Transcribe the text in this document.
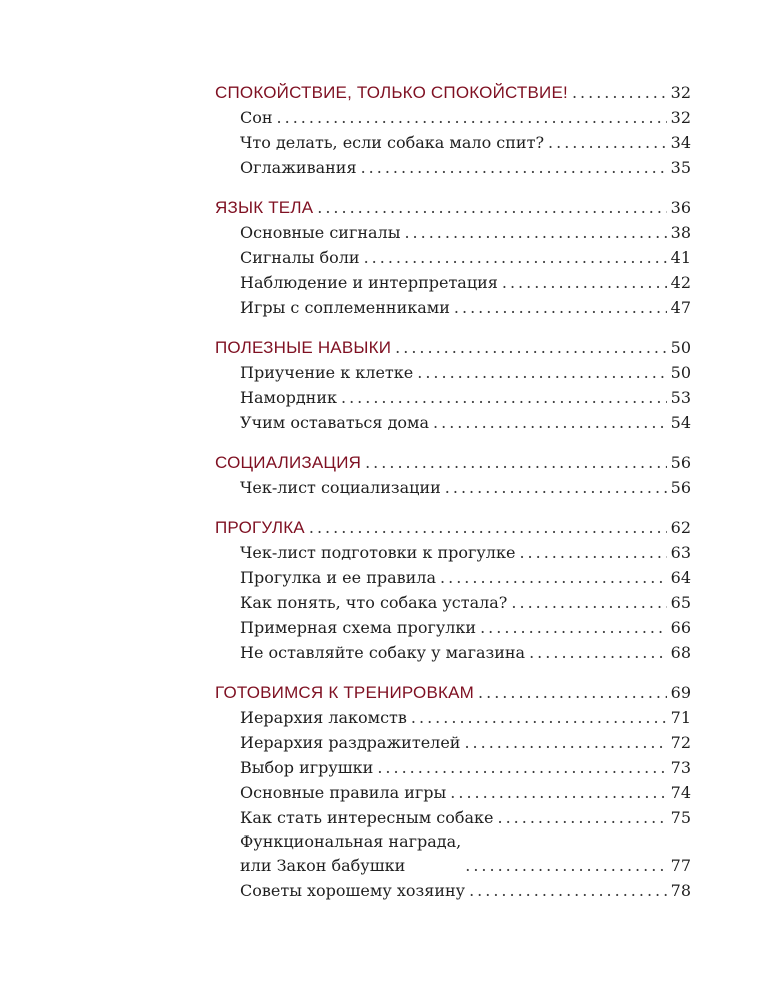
СПОКОЙСТВИЕ, ТОЛЬКО СПОКОЙСТВИЕ! .....	32
Сон .....	32
Что делать, если собака мало спит? .....	34
Оглаживания .....	35
ЯЗЫК ТЕЛА .....	36
Основные сигналы .....	38
Сигналы боли .....	41
Наблюдение и интерпретация .....	42
Игры с соплеменниками .....	47
ПОЛЕЗНЫЕ НАВЫКИ .....	50
Приучение к клетке .....	50
Намордник .....	53
Учим оставаться дома .....	54
СОЦИАЛИЗАЦИЯ .....	56
Чек-лист социализации .....	56
ПРОГУЛКА .....	62
Чек-лист подготовки к прогулке .....	63
Прогулка и ее правила .....	64
Как понять, что собака устала? .....	65
Примерная схема прогулки .....	66
Не оставляйте собаку у магазина .....	68
ГОТОВИМСЯ К ТРЕНИРОВКАМ .....	69
Иерархия лакомств .....	71
Иерархия раздражителей .....	72
Выбор игрушки .....	73
Основные правила игры .....	74
Как стать интересным собаке .....	75
Функциональная награда,
или Закон бабушки .....	77
Советы хорошему хозяину .....	78
